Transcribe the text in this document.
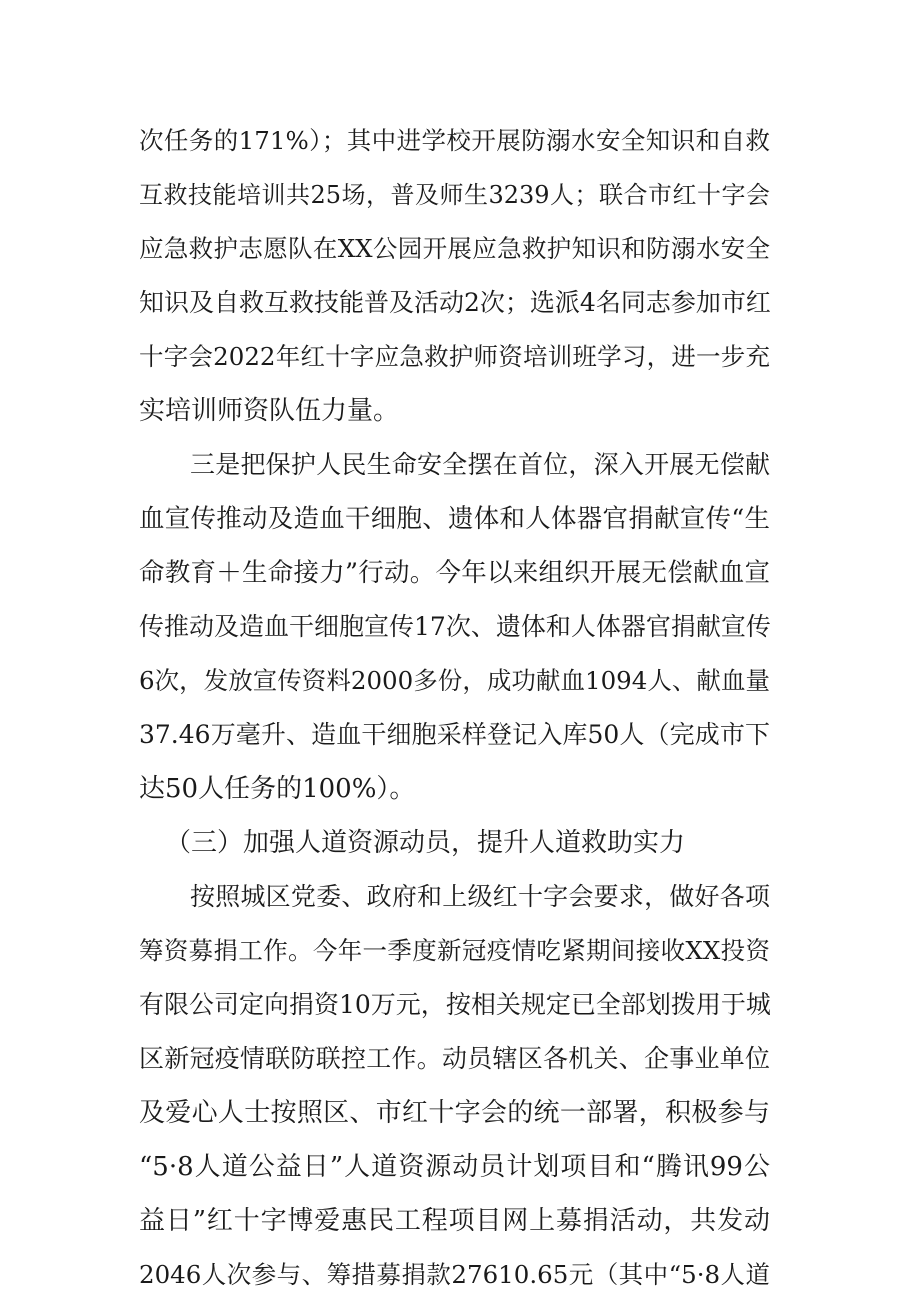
次任务的171%）；其中进学校开展防溺水安全知识和自救
互救技能培训共25场，普及师生3239人；联合市红十字会
应急救护志愿队在XX公园开展应急救护知识和防溺水安全
知识及自救互救技能普及活动2次；选派4名同志参加市红
十字会2022年红十字应急救护师资培训班学习，进一步充
实培训师资队伍力量。
三是把保护人民生命安全摆在首位，深入开展无偿献
血宣传推动及造血干细胞、遗体和人体器官捐献宣传“生
命教育＋生命接力”行动。今年以来组织开展无偿献血宣
传推动及造血干细胞宣传17次、遗体和人体器官捐献宣传
6次，发放宣传资料2000多份，成功献血1094人、献血量
37.46万毫升、造血干细胞采样登记入库50人（完成市下
达50人任务的100%）。
（三）加强人道资源动员，提升人道救助实力
按照城区党委、政府和上级红十字会要求，做好各项
筹资募捐工作。今年一季度新冠疫情吃紧期间接收XX投资
有限公司定向捐资10万元，按相关规定已全部划拨用于城
区新冠疫情联防联控工作。动员辖区各机关、企事业单位
及爱心人士按照区、市红十字会的统一部署，积极参与
“5·8人道公益日”人道资源动员计划项目和“腾讯99公
益日”红十字博爱惠民工程项目网上募捐活动，共发动
2046人次参与、筹措募捐款27610.65元（其中“5·8人道
